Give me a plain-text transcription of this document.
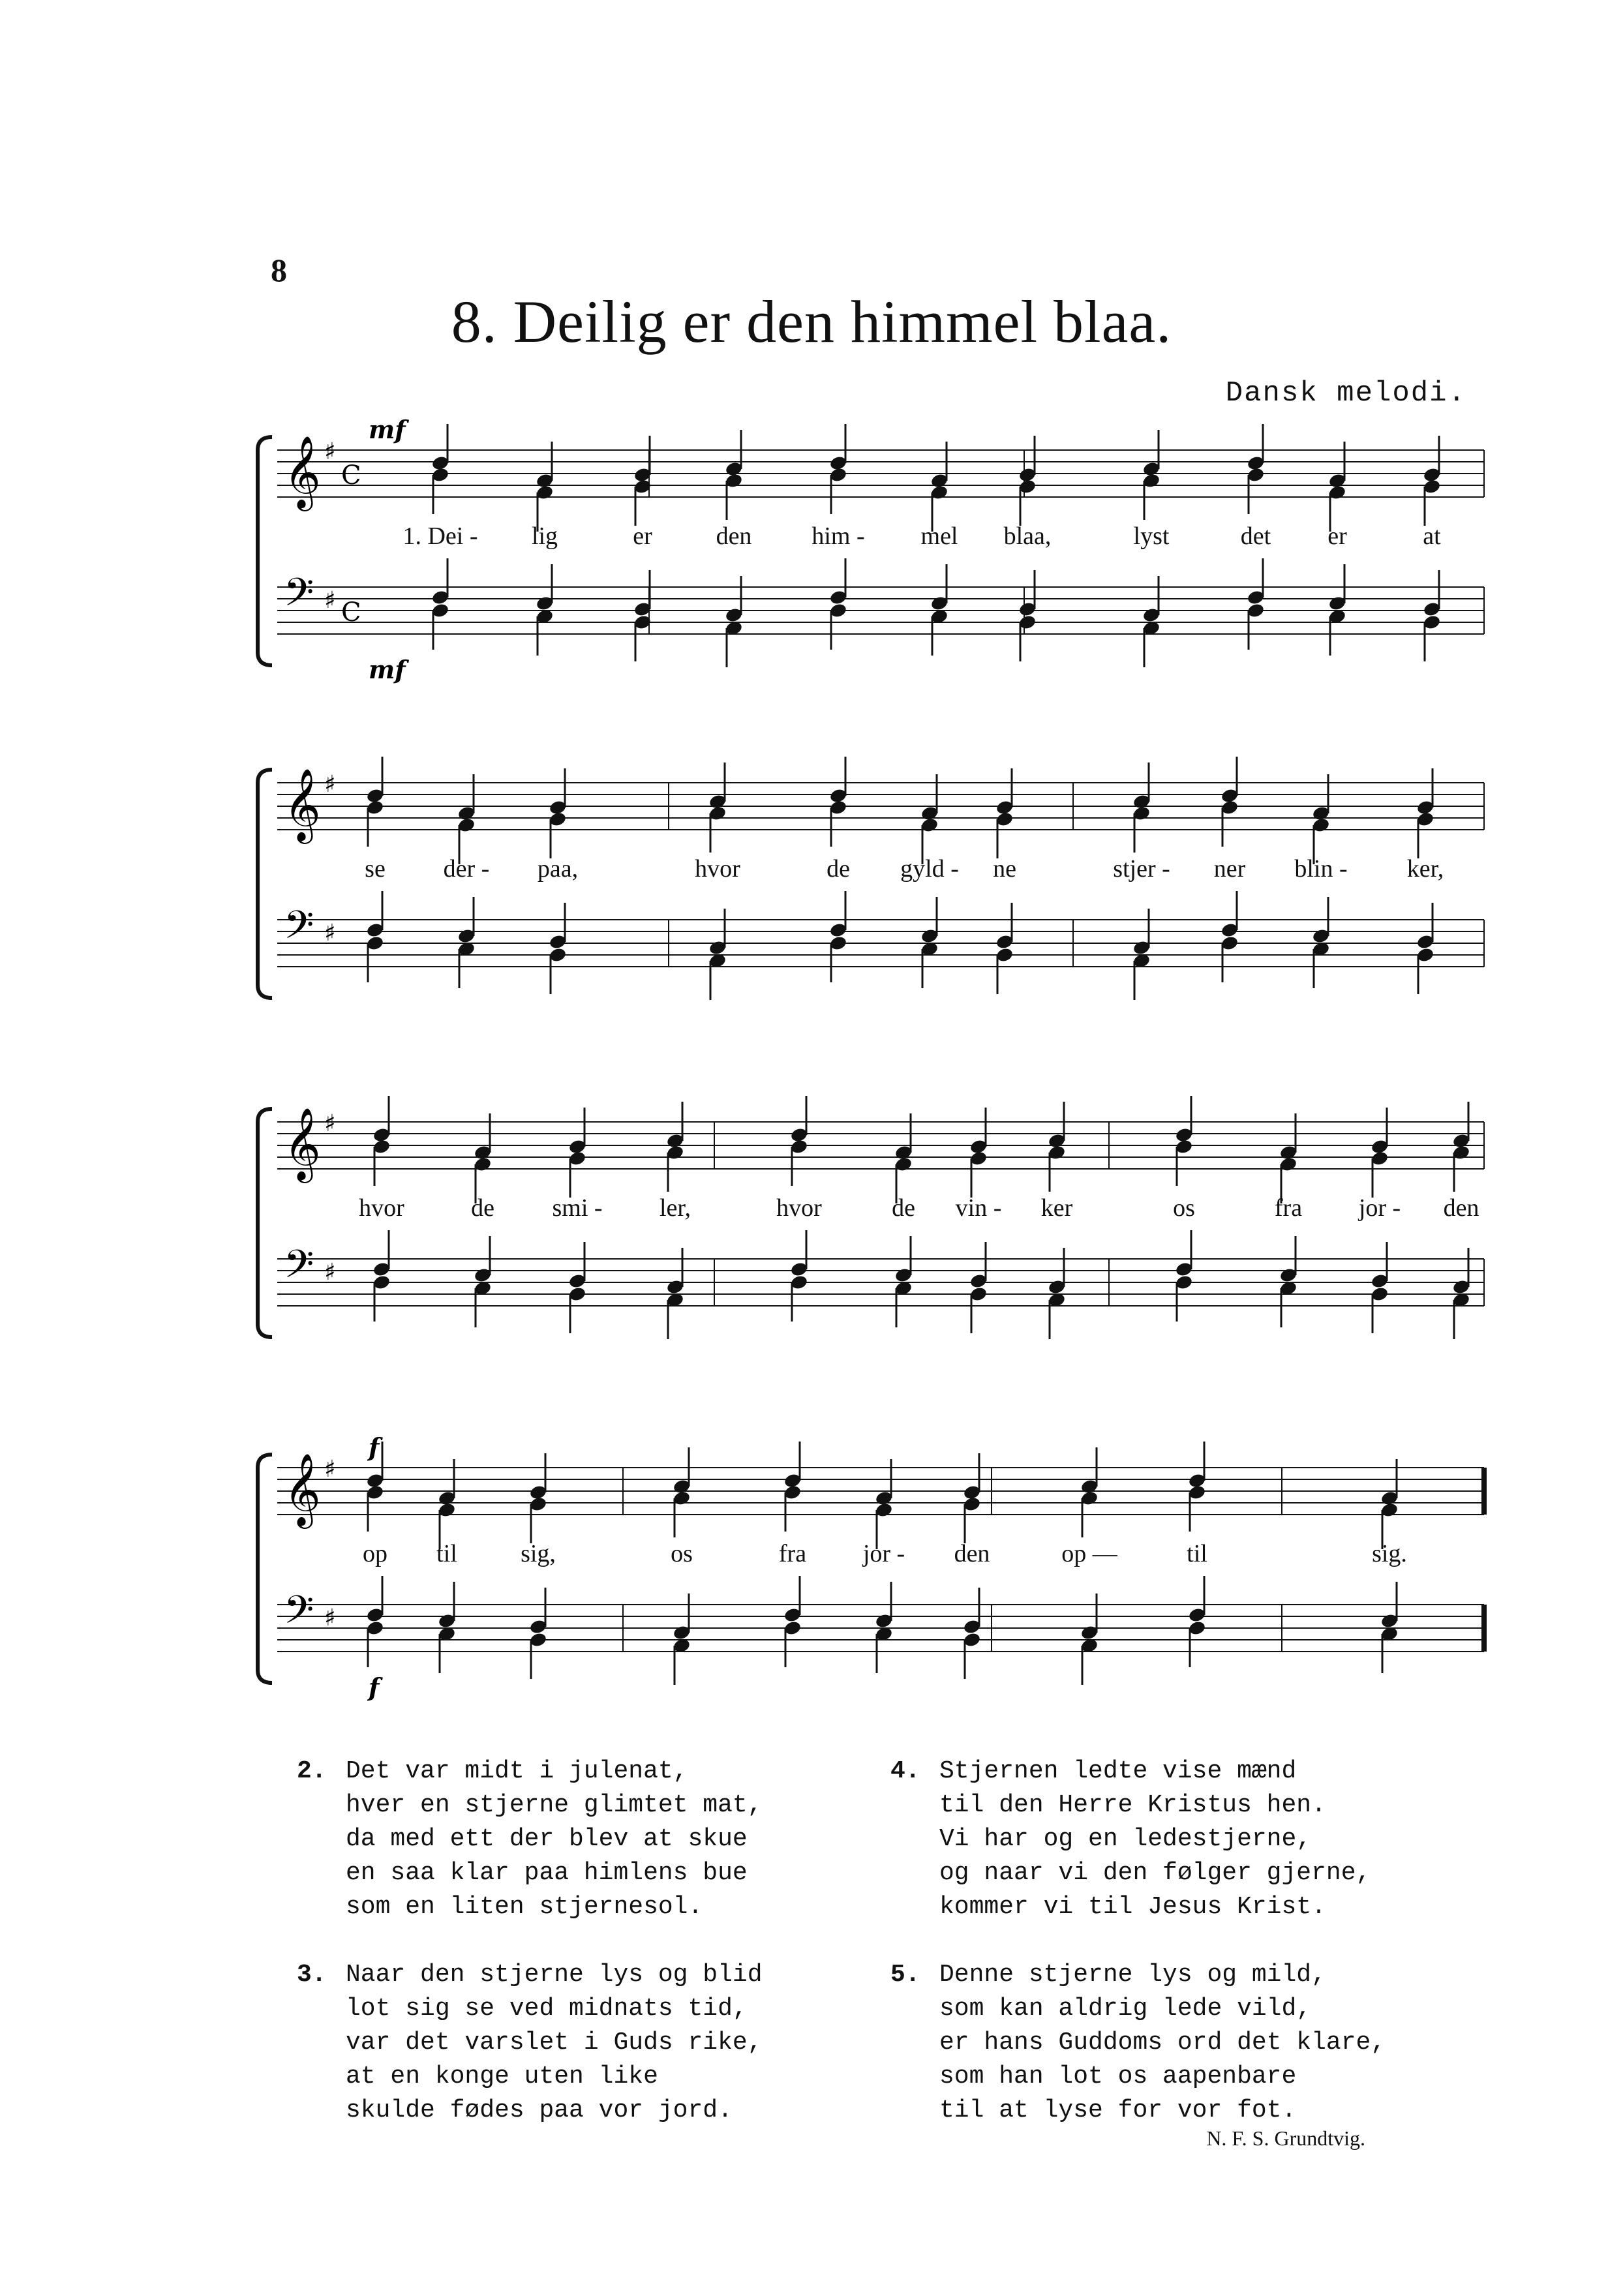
8
8. Deilig er den himmel blaa.
Dansk melodi.
𝄞 ♯
C
𝄢 ♯ C
mf
mf
1. Dei - lig	er	den him - mel blaa,	lyst	det er	at
𝄞 ♯
𝄢 ♯
se der - paa,	hvor	de gyld - ne	stjer - ner blin - ker,
𝄞 ♯
𝄢 ♯
hvor	de smi - ler,	hvor	de vin - ker	os	fra jor - den
𝄞 ♯
𝄢 ♯
f
f
op til	sig,	os	fra jor - den	op —	til	sig.
2. Det var midt i julenat,
hver en stjerne glimtet mat,
da med ett der blev at skue
en saa klar paa himlens bue
som en liten stjernesol.
3. Naar den stjerne lys og blid
lot sig se ved midnats tid,
var det varslet i Guds rike,
at en konge uten like
skulde fødes paa vor jord.
4. Stjernen ledte vise mænd
til den Herre Kristus hen.
Vi har og en ledestjerne,
og naar vi den følger gjerne,
kommer vi til Jesus Krist.
5. Denne stjerne lys og mild,
som kan aldrig lede vild,
er hans Guddoms ord det klare,
som han lot os aapenbare
til at lyse for vor fot.
N. F. S. Grundtvig.
